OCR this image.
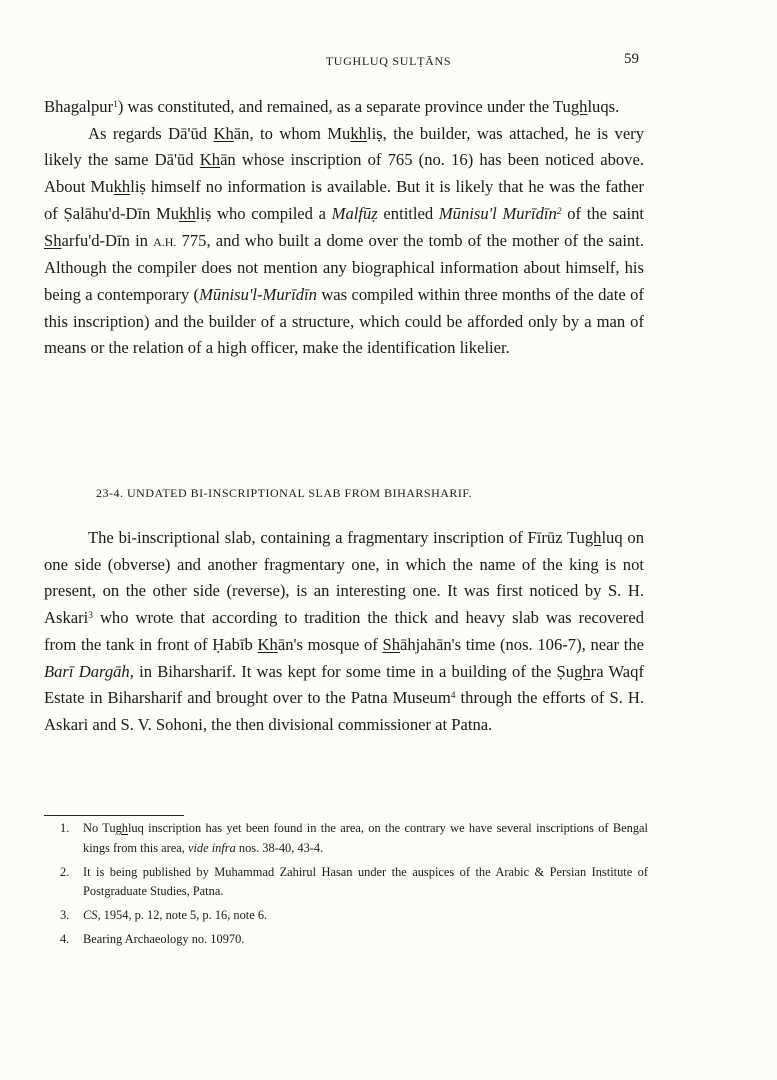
TUGHLUQ SULṬĀNS	59

Bhagalpur$^1$) was constituted, and remained, as a separate province under the Tughluqs.

As regards Dā'ūd Khān, to whom Mukhliṣ, the builder, was attached, he is very likely the same Dā'ūd Khān whose inscription of 765 (no. 16) has been noticed above. About Mukhliṣ himself no information is available. But it is likely that he was the father of Ṣalāhu'd-Dīn Mukhliṣ who compiled a Malfūẓ entitled Mūnisu'l Murīdīn$^2$ of the saint Sharfu'd-Dīn in A.H. 775, and who built a dome over the tomb of the mother of the saint. Although the compiler does not mention any biographical information about himself, his being a contemporary (Mūnisu'l-Murīdīn was compiled within three months of the date of this inscription) and the builder of a structure, which could be afforded only by a man of means or the relation of a high officer, make the identification likelier.

23-4. UNDATED BI-INSCRIPTIONAL SLAB FROM BIHARSHARIF.

The bi-inscriptional slab, containing a fragmentary inscription of Fīrūz Tughluq on one side (obverse) and another fragmentary one, in which the name of the king is not present, on the other side (reverse), is an interesting one. It was first noticed by S. H. Askari$^3$ who wrote that according to tradition the thick and heavy slab was recovered from the tank in front of Ḥabīb Khān's mosque of Shāhjahān's time (nos. 106-7), near the Barī Dargāh, in Biharsharif. It was kept for some time in a building of the Ṣughra Waqf Estate in Biharsharif and brought over to the Patna Museum$^4$ through the efforts of S. H. Askari and S. V. Sohoni, the then divisional commissioner at Patna.

1. No Tughluq inscription has yet been found in the area, on the contrary we have several inscriptions of Bengal kings from this area, vide infra nos. 38-40, 43-4.
2. It is being published by Muhammad Zahirul Hasan under the auspices of the Arabic & Persian Institute of Postgraduate Studies, Patna.
3. CS, 1954, p. 12, note 5, p. 16, note 6.
4. Bearing Archaeology no. 10970.
